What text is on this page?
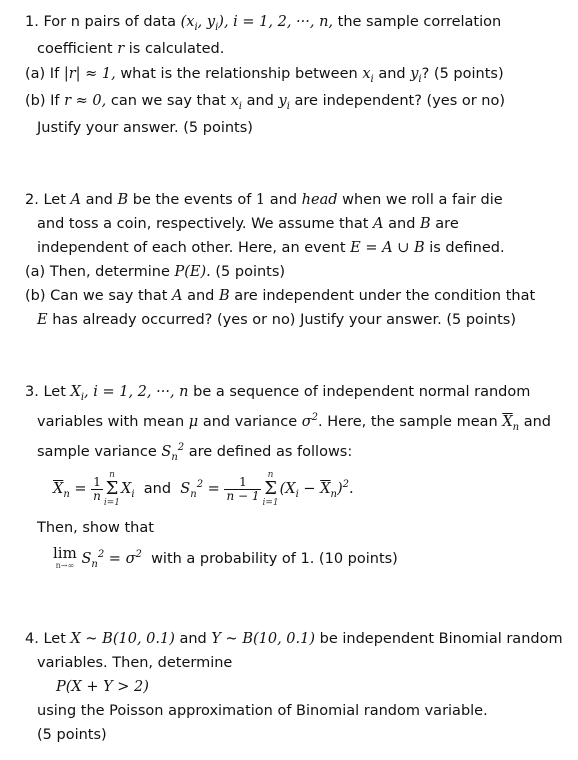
1. For n pairs of data ($x_i$, $y_i$), i = 1, 2, ···, n, the sample correlation
coefficient r is calculated.
(a) If |r| ≈ 1, what is the relationship between $x_i$ and $y_i$? (5 points)
(b) If r ≈ 0, can we say that $x_i$ and $y_i$ are independent? (yes or no)
Justify your answer. (5 points)
2. Let A and B be the events of 1 and head when we roll a fair die
and toss a coin, respectively. We assume that A and B are
independent of each other. Here, an event E = A ∪ B is defined.
(a) Then, determine P(E). (5 points)
(b) Can we say that A and B are independent under the condition that
E has already occurred? (yes or no) Justify your answer. (5 points)
3. Let $X_i$, i = 1, 2, ···, n be a sequence of independent normal random
variables with mean μ and variance $\sigma^2$. Here, the sample mean $\overline{X}_n$ and
sample variance $S_n^2$ are defined as follows:
$\overline{X}_n = \frac{1}{n}$
n
Σ
i=1
$X_i$ and $S_n^2 = \frac{1}{n - 1}$
n
Σ
i=1
$(X_i - \overline{X}_n)^2$.
Then, show that
lim
n→∞ $S_n^2 = \sigma^2$ with a probability of 1. (10 points)
4. Let X ~ B(10, 0.1) and Y ~ B(10, 0.1) be independent Binomial random
variables. Then, determine
P(X + Y > 2)
using the Poisson approximation of Binomial random variable.
(5 points)
